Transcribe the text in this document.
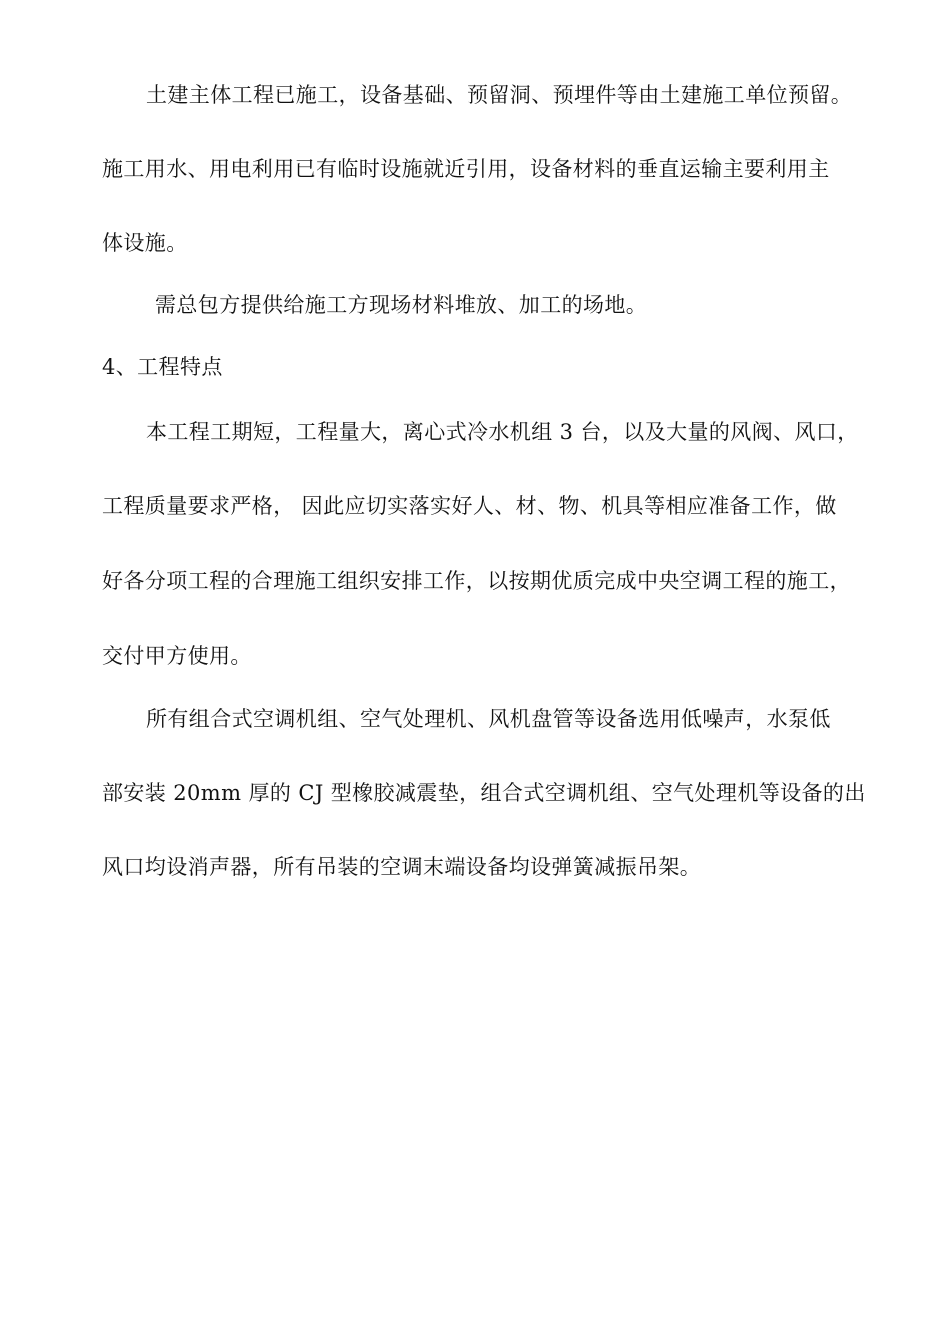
土建主体工程已施工，设备基础、预留洞、预埋件等由土建施工单位预留。
施工用水、用电利用已有临时设施就近引用，设备材料的垂直运输主要利用主
体设施。
需总包方提供给施工方现场材料堆放、加工的场地。
4、工程特点
本工程工期短，工程量大，离心式冷水机组 3 台，以及大量的风阀、风口，
工程质量要求严格， 因此应切实落实好人、材、物、机具等相应准备工作，做
好各分项工程的合理施工组织安排工作，以按期优质完成中央空调工程的施工，
交付甲方使用。
所有组合式空调机组、空气处理机、风机盘管等设备选用低噪声，水泵低
部安装 20mm 厚的 CJ 型橡胶减震垫，组合式空调机组、空气处理机等设备的出
风口均设消声器，所有吊装的空调末端设备均设弹簧减振吊架。
